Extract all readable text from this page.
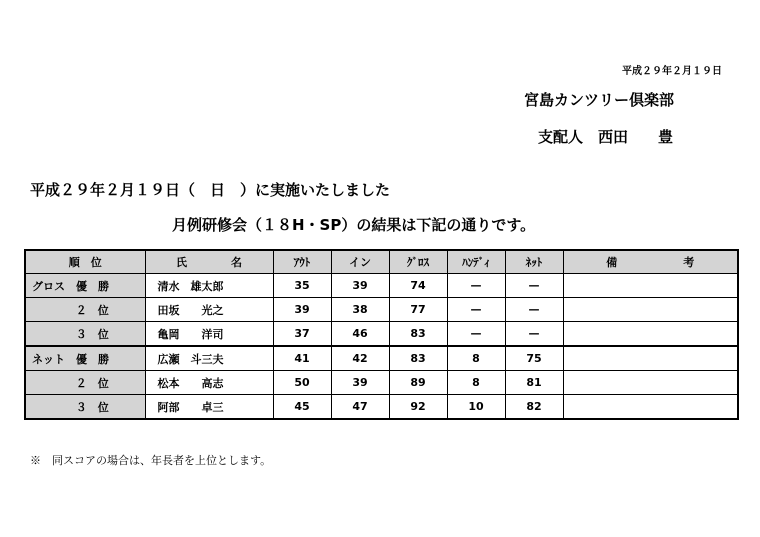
平成２９年２月１９日
宮島カンツリー倶楽部
支配人　 西田　　豊
平成２９年２月１９日（　日　）に実施いたしました
月例研修会（１８H・SP）の結果は下記の通りです。
順　位	氏　　　　名	ｱｳﾄ	イン	ｸﾞﾛｽ	ﾊﾝﾃﾞｨ	ﾈｯﾄ	備　　　　　　考
グロス　優　勝	清水　雄太郎	35	39	74	—	—	
２　位	田坂　　光之	39	38	77	—	—	
３　位	亀岡　　洋司	37	46	83	—	—	
ネット　優　勝	広瀬　斗三夫	41	42	83	8	75	
２　位	松本　　高志	50	39	89	8	81	
３　位	阿部　　卓三	45	47	92	10	82	
※　同スコアの場合は、年長者を上位とします。
